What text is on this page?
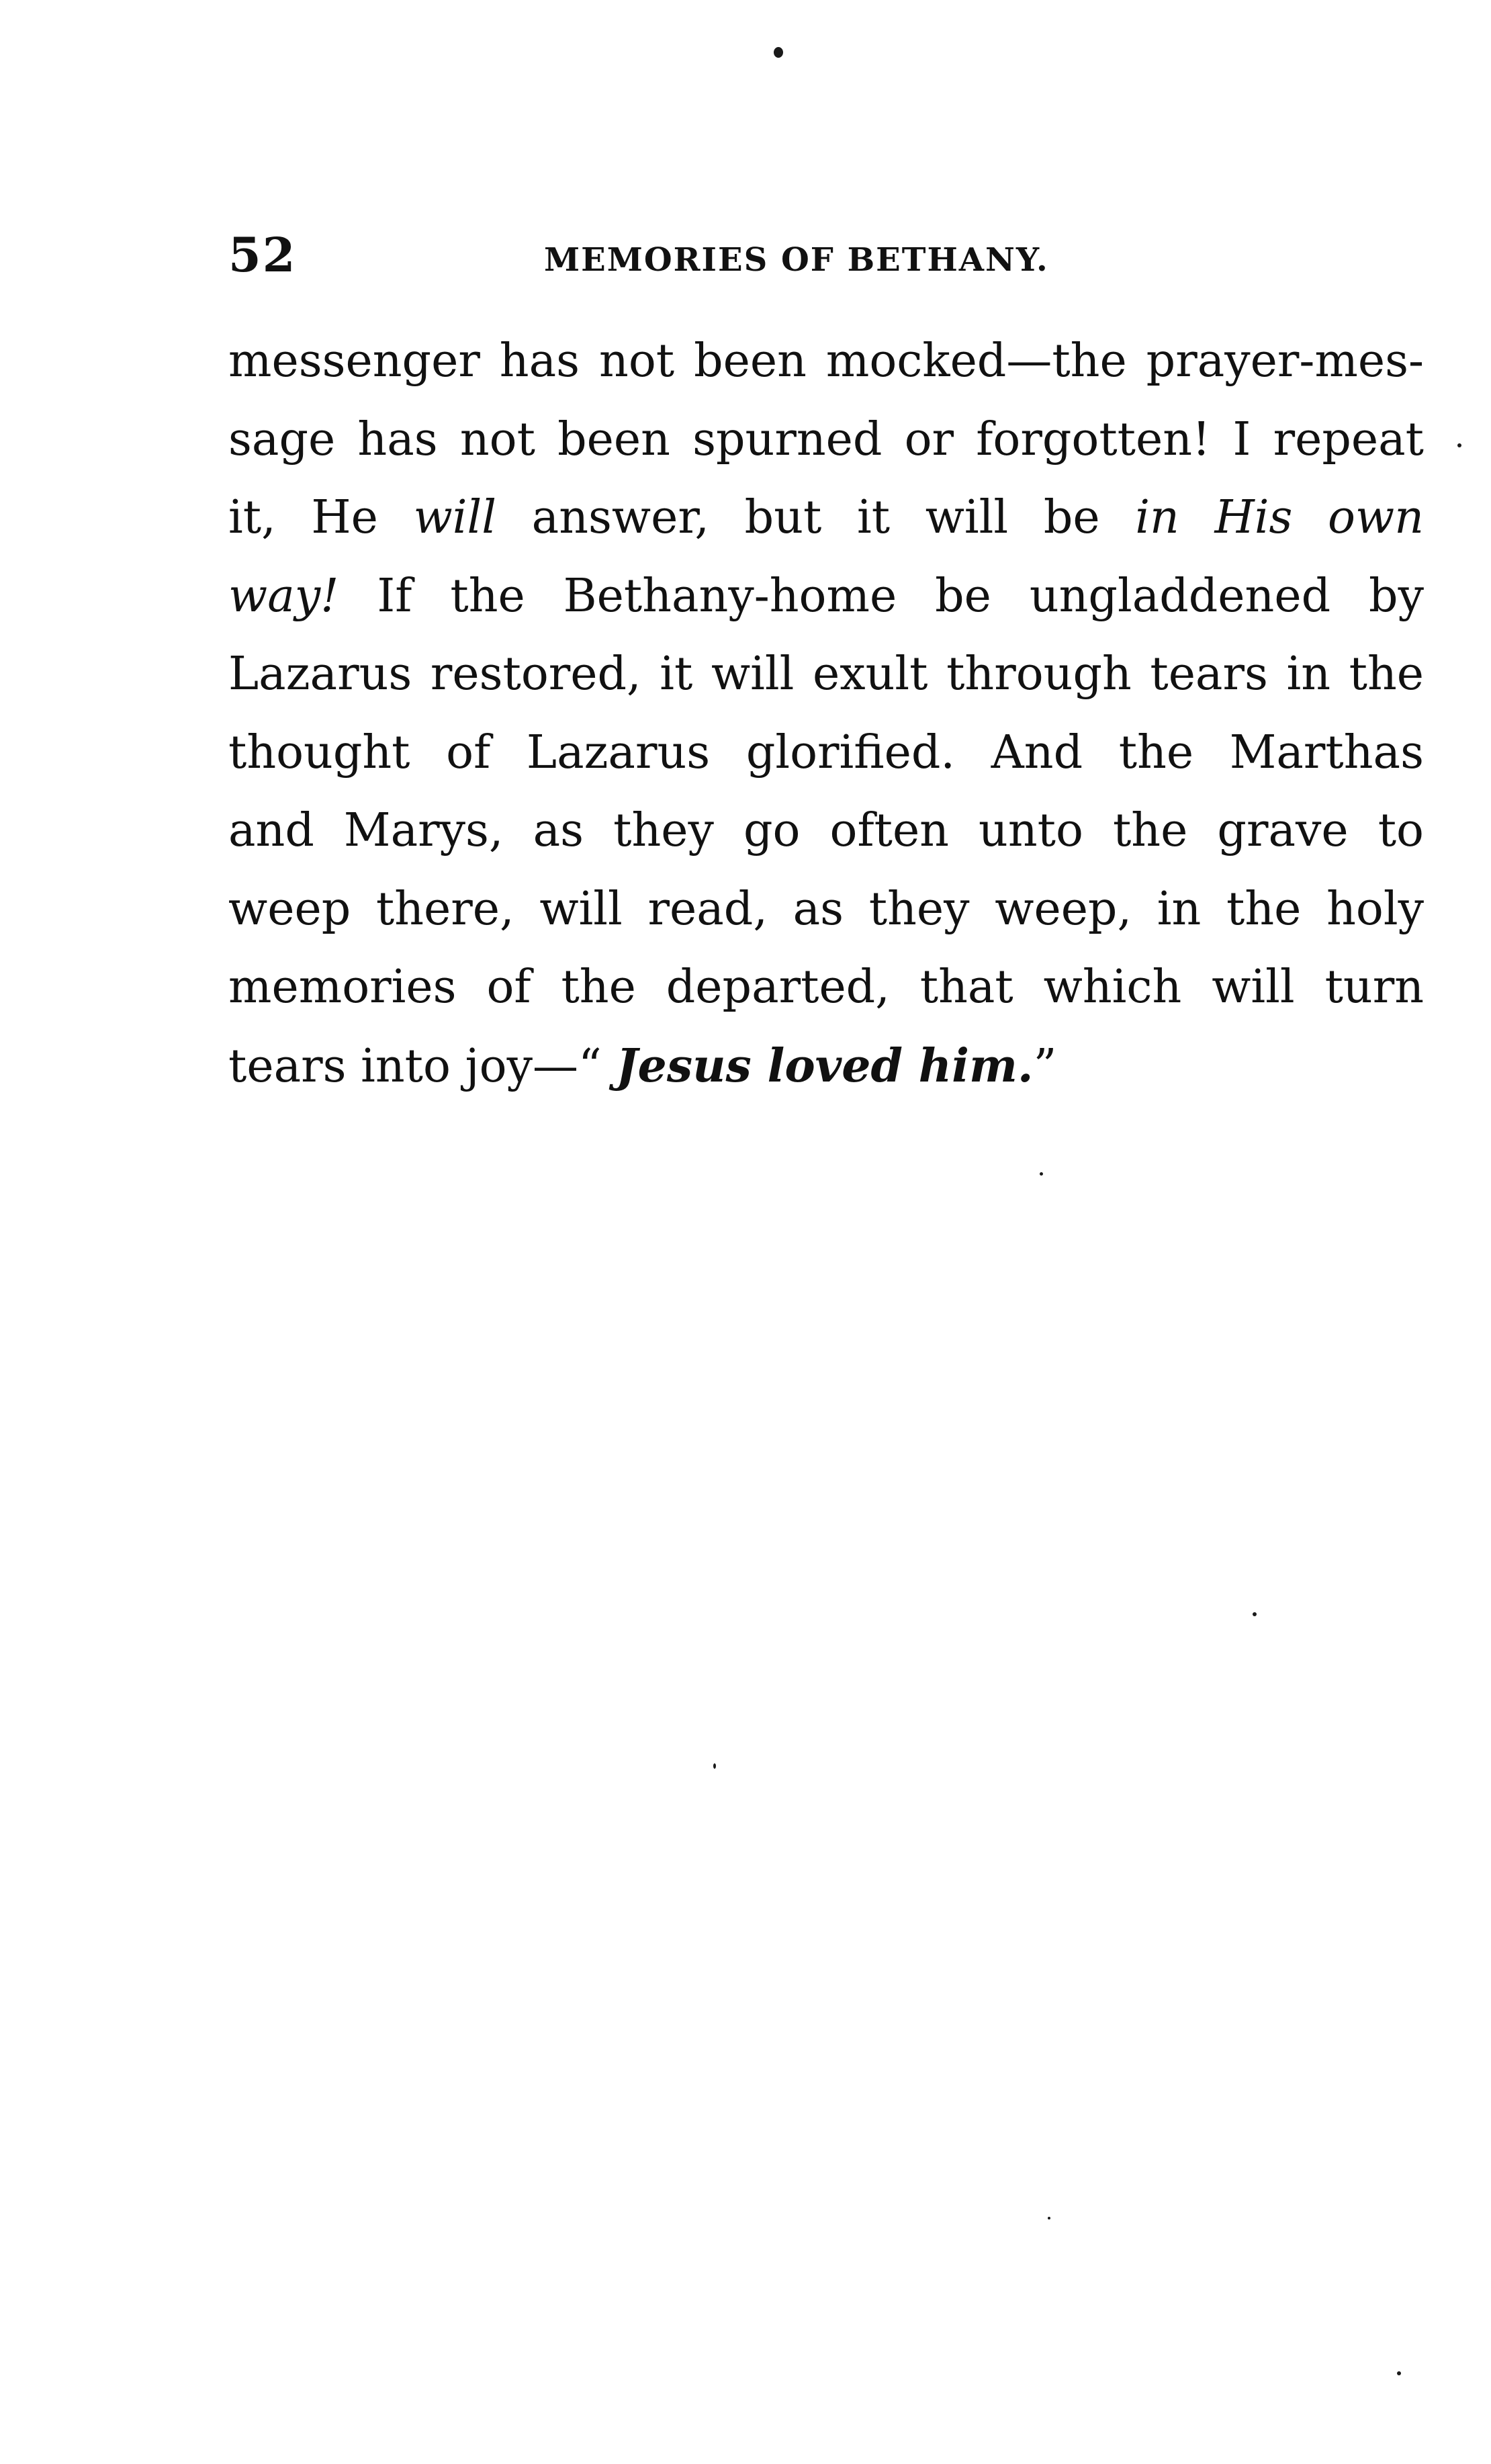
52	MEMORIES OF BETHANY.
messenger has not been mocked—the prayer-mes-
sage has not been spurned or forgotten! I repeat
it, He will answer, but it will be in His own
way! If the Bethany-home be ungladdened by
Lazarus restored, it will exult through tears in the
thought of Lazarus glorified. And the Marthas
and Marys, as they go often unto the grave to
weep there, will read, as they weep, in the holy
memories of the departed, that which will turn
tears into joy—“ Jesus loved him.”
